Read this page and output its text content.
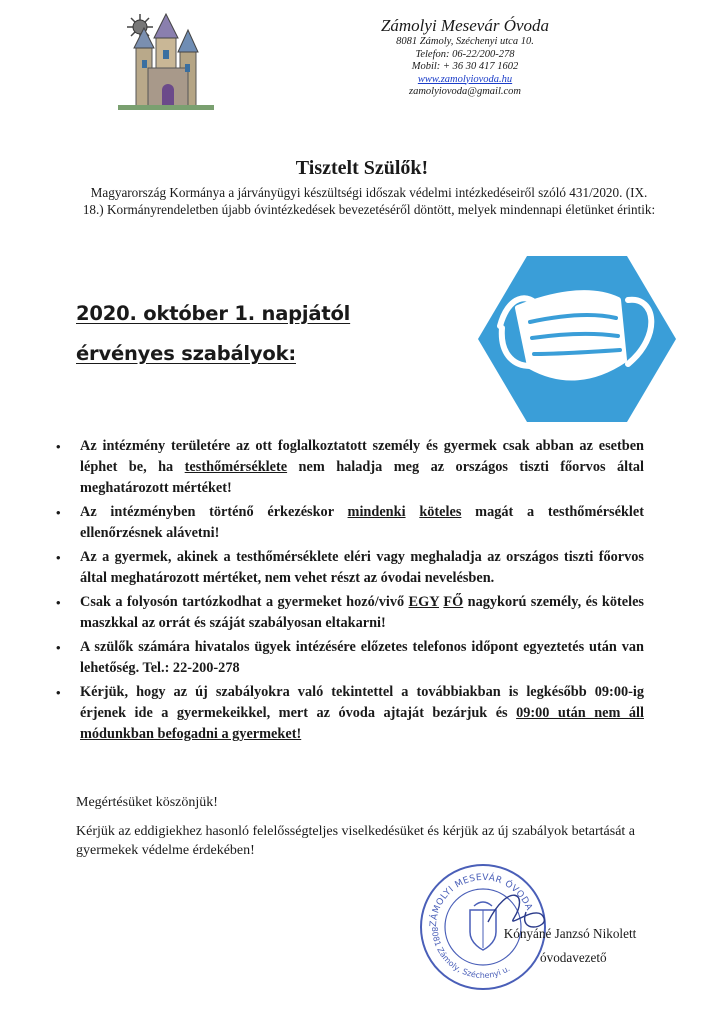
Zámolyi Mesevár Óvoda
8081 Zámoly, Széchenyi utca 10.
Telefon: 06-22/200-278
Mobil: + 36 30 417 1602
www.zamolyiovoda.hu
zamolyiovoda@gmail.com
Tisztelt Szülők!
Magyarország Kormánya a járványügyi készültségi időszak védelmi intézkedéseiről szóló 431/2020. (IX. 18.) Kormányrendeletben újabb óvintézkedések bevezetéséről döntött, melyek mindennapi életünket érintik:
2020. október 1. napjától
érvényes szabályok:
• Az intézmény területére az ott foglalkoztatott személy és gyermek csak abban az esetben léphet be, ha testhőmérséklete nem haladja meg az országos tiszti főorvos által meghatározott mértéket!
• Az intézményben történő érkezéskor mindenki köteles magát a testhőmérséklet ellenőrzésnek alávetni!
• Az a gyermek, akinek a testhőmérséklete eléri vagy meghaladja az országos tiszti főorvos által meghatározott mértéket, nem vehet részt az óvodai nevelésben.
• Csak a folyosón tartózkodhat a gyermeket hozó/vivő EGY FŐ nagykorú személy, és köteles maszkkal az orrát és száját szabályosan eltakarni!
• A szülők számára hivatalos ügyek intézésére előzetes telefonos időpont egyeztetés után van lehetőség. Tel.: 22-200-278
• Kérjük, hogy az új szabályokra való tekintettel a továbbiakban is legkésőbb 09:00-ig érjenek ide a gyermekeikkel, mert az óvoda ajtaját bezárjuk és 09:00 után nem áll módunkban befogadni a gyermeket!
Megértésüket köszönjük!
Kérjük az eddigiekhez hasonló felelősségteljes viselkedésüket és kérjük az új szabályok betartását a gyermekek védelme érdekében!
ZÁMOLYI MESEVÁR ÓVODA
8081 Zámoly, Széchenyi u.
Kónyáné Janzsó Nikolett
óvodavezető
